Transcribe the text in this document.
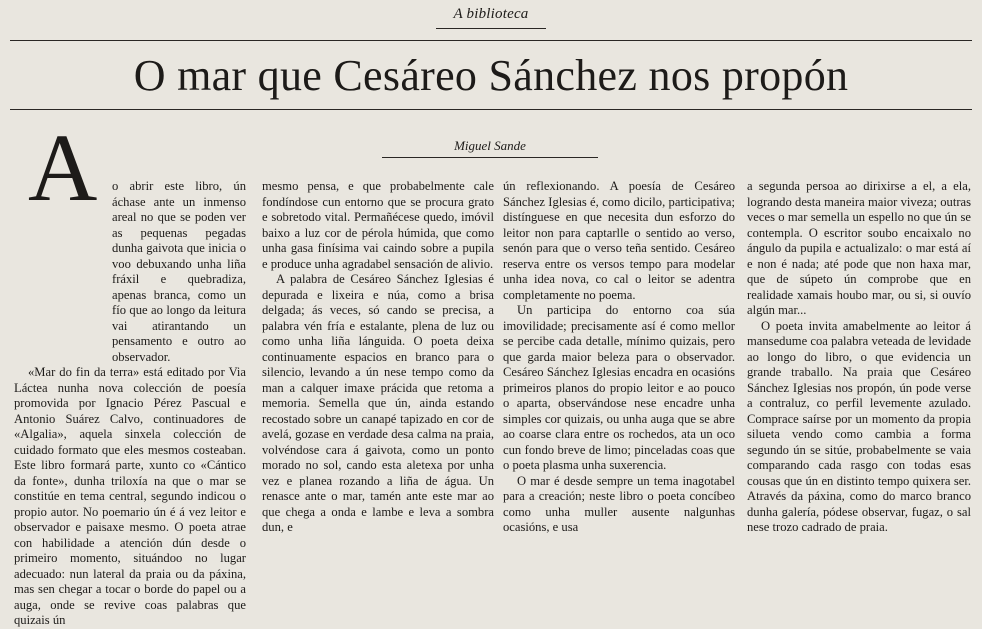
A biblioteca
O mar que Cesáreo Sánchez nos propón
Miguel Sande
A	o abrir este libro, ún áchase ante un inmenso areal no que se poden ver as pequenas pegadas dunha gaivota que inicia o voo debuxando unha liña fráxil e quebradiza, apenas branca, como un fío que ao longo da leitura vai atirantando un pensamento e outro ao observador.

«Mar do fin da terra» está editado por Via Láctea nunha nova colección de poesía promovida por Ignacio Pérez Pascual e Antonio Suárez Calvo, continuadores de «Algalia», aquela sinxela colección de cuidado formato que eles mesmos costeaban. Este libro formará parte, xunto co «Cántico da fonte», dunha triloxía na que o mar se constitúe en tema central, segundo indicou o propio autor. No poemario ún é á vez leitor e observador e paisaxe mesmo. O poeta atrae con habilidade a atención dún desde o primeiro momento, situándoo no lugar adecuado: nun lateral da praia ou da páxina, mas sen chegar a tocar o borde do papel ou a auga, onde se revive coas palabras que quizais ún

mesmo pensa, e que probabelmente cale fondíndose cun entorno que se procura grato e sobretodo vital. Permañécese quedo, imóvil baixo a luz cor de pérola húmida, que como unha gasa finísima vai caindo sobre a pupila e produce unha agradabel sensación de alivio.

A palabra de Cesáreo Sánchez Iglesias é depurada e lixeira e núa, como a brisa delgada; ás veces, só cando se precisa, a palabra vén fría e estalante, plena de luz ou como unha liña lánguida. O poeta deixa continuamente espacios en branco para o silencio, levando a ún nese tempo como da man a calquer imaxe prácida que retoma a memoria. Semella que ún, ainda estando recostado sobre un canapé tapizado en cor de avelá, gozase en verdade desa calma na praia, volvéndose cara á gaivota, como un ponto morado no sol, cando esta aletexa por unha vez e planea rozando a liña de água. Un renasce ante o mar, tamén ante este mar ao que chega a onda e lambe e leva a sombra dun, e

ún reflexionando. A poesía de Cesáreo Sánchez Iglesias é, como dicilo, participativa; distínguese en que necesita dun esforzo do leitor non para captarlle o sentido ao verso, senón para que o verso teña sentido. Cesáreo reserva entre os versos tempo para modelar unha idea nova, co cal o leitor se adentra completamente no poema.

Un participa do entorno coa súa imovilidade; precisamente así é como mellor se percibe cada detalle, mínimo quizais, pero que garda maior beleza para o observador. Cesáreo Sánchez Iglesias encadra en ocasións primeiros planos do propio leitor e ao pouco o aparta, observándose nese encadre unha simples cor quizais, ou unha auga que se abre ao coarse clara entre os rochedos, ata un oco cun fondo breve de limo; pinceladas coas que o poeta plasma unha suxerencia.

O mar é desde sempre un tema inagotabel para a creación; neste libro o poeta concíbeo como unha muller ausente nalgunhas ocasións, e usa

a segunda persoa ao dirixirse a el, a ela, logrando desta maneira maior viveza; outras veces o mar semella un espello no que ún se contempla. O escritor soubo encaixalo no ángulo da pupila e actualizalo: o mar está aí e non é nada; até pode que non haxa mar, que de súpeto ún comprobe que en realidade xamais houbo mar, ou si, si ouvío algún mar...

O poeta invita amabelmente ao leitor á mansedume coa palabra veteada de levidade ao longo do libro, o que evidencia un grande traballo. Na praia que Cesáreo Sánchez Iglesias nos propón, ún pode verse a contraluz, co perfil levemente azulado. Comprace saírse por un momento da propia silueta vendo como cambia a forma segundo ún se sitúe, probabelmente se vaia comparando cada rasgo con todas esas cousas que ún en distinto tempo quixera ser. Através da páxina, como do marco branco dunha galería, pódese observar, fugaz, o sal nese trozo cadrado de praia.
